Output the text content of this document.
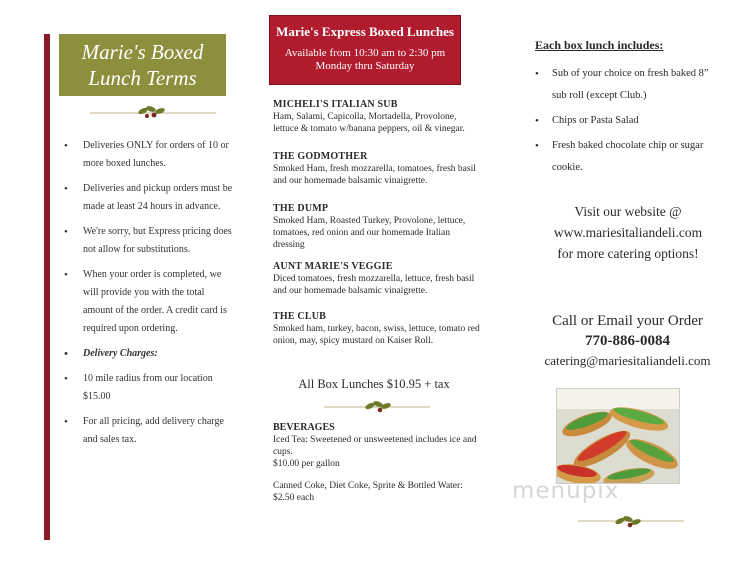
Marie's Boxed
Lunch Terms
• Deliveries ONLY for orders of 10 or more boxed lunches.
• Deliveries and pickup orders must be made at least 24 hours in advance.
• We're sorry, but Express pricing does not allow for substitutions.
• When your order is completed, we will provide you with the total amount of the order. A credit card is required upon ordering.
• Delivery Charges:
• 10 mile radius from our location $15.00
• For all pricing, add delivery charge and sales tax.
Marie's Express Boxed Lunches
Available from 10:30 am to 2:30 pm
Monday thru Saturday
MICHELI'S ITALIAN SUB
Ham, Salami, Capicolla, Mortadella, Provolone, lettuce & tomato w/banana peppers, oil & vinegar.
THE GODMOTHER
Smoked Ham, fresh mozzarella, tomatoes, fresh basil and our homemade balsamic vinaigrette.
THE DUMP
Smoked Ham, Roasted Turkey, Provolone, lettuce, tomatoes, red onion and our homemade Italian dressing
AUNT MARIE'S VEGGIE
Diced tomatoes, fresh mozzarella, lettuce, fresh basil and our homemade balsamic vinaigrette.
THE CLUB
Smoked ham, turkey, bacon, swiss, lettuce, tomato red onion, may, spicy mustard on Kaiser Roll.
All Box Lunches $10.95 + tax
BEVERAGES
Iced Tea: Sweetened or unsweetened includes ice and cups.
$10.00 per gallon
Canned Coke, Diet Coke, Sprite & Bottled Water:
$2.50 each
Each box lunch includes:
• Sub of your choice on fresh baked 8” sub roll (except Club.)
• Chips or Pasta Salad
• Fresh baked chocolate chip or sugar cookie.
Visit our website @
www.mariesitaliandeli.com
for more catering options!
Call or Email your Order
770-886-0084
catering@mariesitaliandeli.com
menupix
